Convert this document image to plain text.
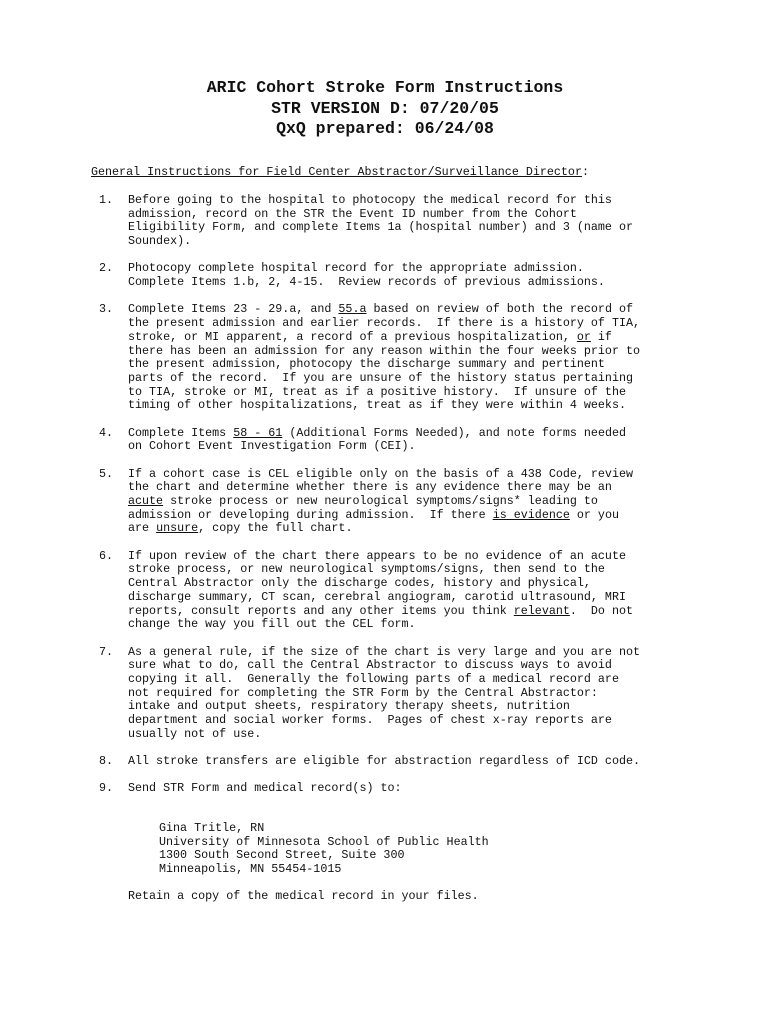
ARIC Cohort Stroke Form Instructions
STR VERSION D: 07/20/05
QxQ prepared: 06/24/08
General Instructions for Field Center Abstractor/Surveillance Director:
1. Before going to the hospital to photocopy the medical record for this
admission, record on the STR the Event ID number from the Cohort
Eligibility Form, and complete Items 1a (hospital number) and 3 (name or
Soundex).
2. Photocopy complete hospital record for the appropriate admission.
Complete Items 1.b, 2, 4-15.  Review records of previous admissions.
3. Complete Items 23 - 29.a, and 55.a based on review of both the record of
the present admission and earlier records.  If there is a history of TIA,
stroke, or MI apparent, a record of a previous hospitalization, or if
there has been an admission for any reason within the four weeks prior to
the present admission, photocopy the discharge summary and pertinent
parts of the record.  If you are unsure of the history status pertaining
to TIA, stroke or MI, treat as if a positive history.  If unsure of the
timing of other hospitalizations, treat as if they were within 4 weeks.
4. Complete Items 58 - 61 (Additional Forms Needed), and note forms needed
on Cohort Event Investigation Form (CEI).
5. If a cohort case is CEL eligible only on the basis of a 438 Code, review
the chart and determine whether there is any evidence there may be an
acute stroke process or new neurological symptoms/signs* leading to
admission or developing during admission.  If there is evidence or you
are unsure, copy the full chart.
6. If upon review of the chart there appears to be no evidence of an acute
stroke process, or new neurological symptoms/signs, then send to the
Central Abstractor only the discharge codes, history and physical,
discharge summary, CT scan, cerebral angiogram, carotid ultrasound, MRI
reports, consult reports and any other items you think relevant.  Do not
change the way you fill out the CEL form.
7. As a general rule, if the size of the chart is very large and you are not
sure what to do, call the Central Abstractor to discuss ways to avoid
copying it all.  Generally the following parts of a medical record are
not required for completing the STR Form by the Central Abstractor:
intake and output sheets, respiratory therapy sheets, nutrition
department and social worker forms.  Pages of chest x-ray reports are
usually not of use.
8. All stroke transfers are eligible for abstraction regardless of ICD code.
9. Send STR Form and medical record(s) to:
Gina Tritle, RN
University of Minnesota School of Public Health
1300 South Second Street, Suite 300
Minneapolis, MN 55454-1015
Retain a copy of the medical record in your files.
